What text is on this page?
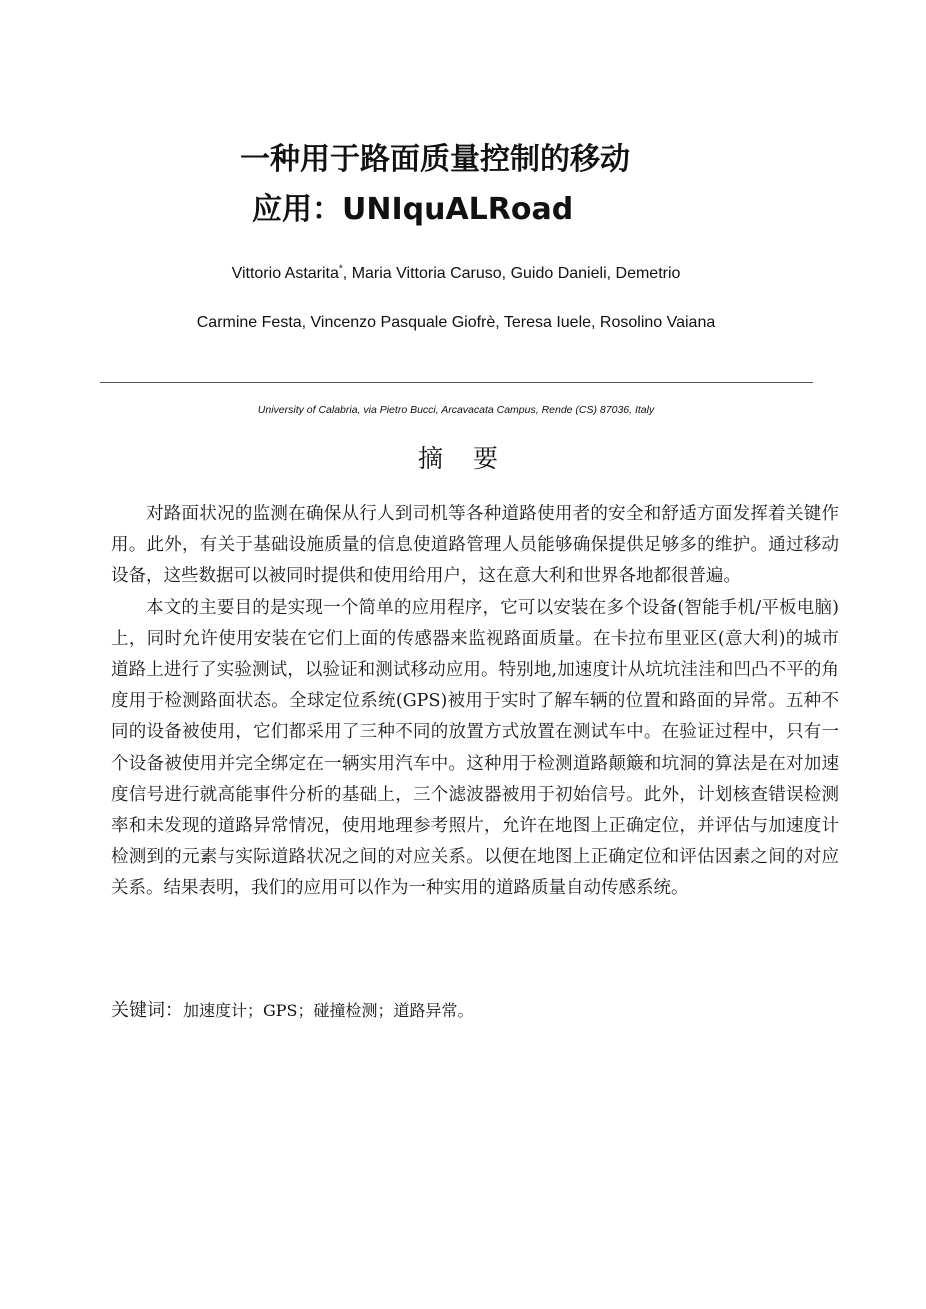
一种用于路面质量控制的移动
应用：UNIquALRoad
Vittorio Astarita*, Maria Vittoria Caruso, Guido Danieli, Demetrio
Carmine Festa, Vincenzo Pasquale Giofrè, Teresa Iuele, Rosolino Vaiana
University of Calabria, via Pietro Bucci, Arcavacata Campus, Rende (CS) 87036, Italy
摘要

对路面状况的监测在确保从行人到司机等各种道路使用者的安全和舒适方面发挥着关键作用。此外，有关于基础设施质量的信息使道路管理人员能够确保提供足够多的维护。通过移动设备，这些数据可以被同时提供和使用给用户，这在意大利和世界各地都很普遍。

本文的主要目的是实现一个简单的应用程序，它可以安装在多个设备(智能手机/平板电脑)上，同时允许使用安装在它们上面的传感器来监视路面质量。在卡拉布里亚区(意大利)的城市道路上进行了实验测试，以验证和测试移动应用。特别地,加速度计从坑坑洼洼和凹凸不平的角度用于检测路面状态。全球定位系统(GPS)被用于实时了解车辆的位置和路面的异常。五种不同的设备被使用，它们都采用了三种不同的放置方式放置在测试车中。在验证过程中，只有一个设备被使用并完全绑定在一辆实用汽车中。这种用于检测道路颠簸和坑洞的算法是在对加速度信号进行就高能事件分析的基础上，三个滤波器被用于初始信号。此外，计划核查错误检测率和未发现的道路异常情况，使用地理参考照片，允许在地图上正确定位，并评估与加速度计检测到的元素与实际道路状况之间的对应关系。以便在地图上正确定位和评估因素之间的对应关系。结果表明，我们的应用可以作为一种实用的道路质量自动传感系统。

关键词：加速度计；GPS；碰撞检测；道路异常。
